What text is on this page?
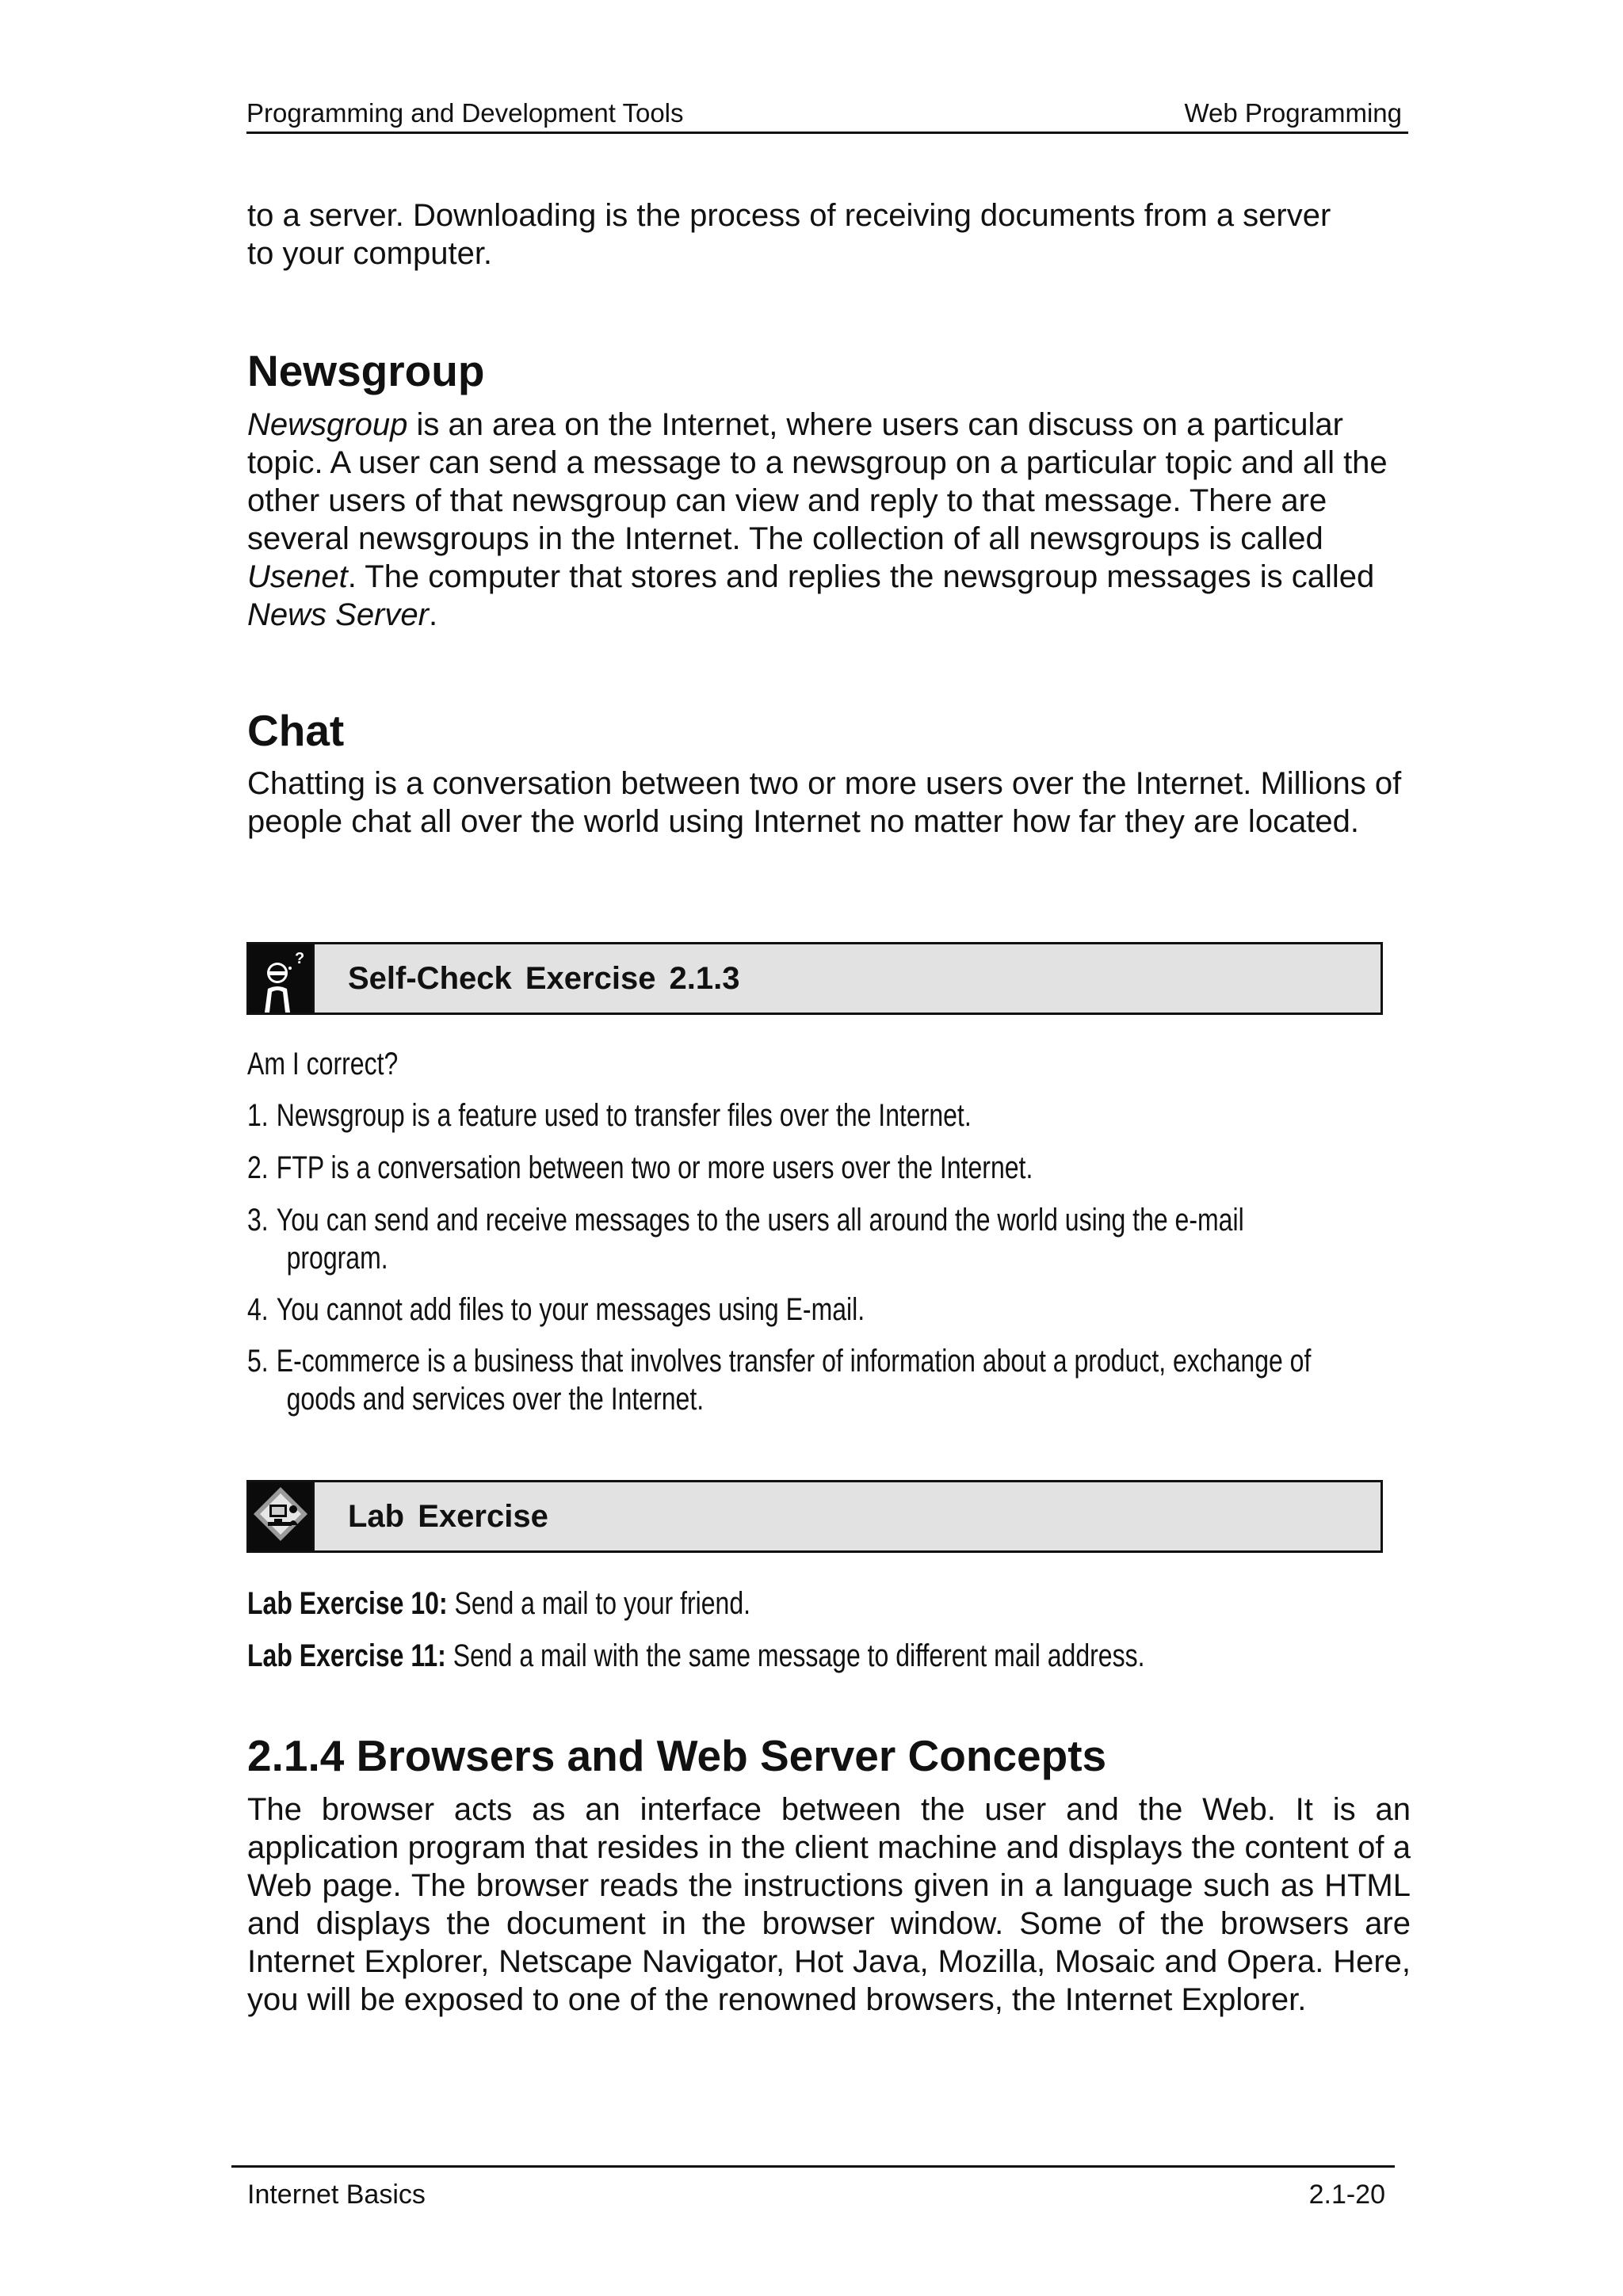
Programming and Development Tools	Web Programming
to a server. Downloading is the process of receiving documents from a server
to your computer.
Newsgroup

Newsgroup is an area on the Internet, where users can discuss on a particular topic. A user can send a message to a newsgroup on a particular topic and all the other users of that newsgroup can view and reply to that message. There are several newsgroups in the Internet. The collection of all newsgroups is called Usenet. The computer that stores and replies the newsgroup messages is called News Server.

Chat

Chatting is a conversation between two or more users over the Internet. Millions of people chat all over the world using Internet no matter how far they are located.

?
Self-Check Exercise 2.1.3
Am I correct?
1. Newsgroup is a feature used to transfer files over the Internet.
2. FTP is a conversation between two or more users over the Internet.
3. You can send and receive messages to the users all around the world using the e-mail
program.
4. You cannot add files to your messages using E-mail.
5. E-commerce is a business that involves transfer of information about a product, exchange of
goods and services over the Internet.
Lab Exercise
Lab Exercise 10: Send a mail to your friend.
Lab Exercise 11: Send a mail with the same message to different mail address.
2.1.4 Browsers and Web Server Concepts

The browser acts as an interface between the user and the Web. It is an application program that resides in the client machine and displays the content of a Web page. The browser reads the instructions given in a language such as HTML and displays the document in the browser window. Some of the browsers are Internet Explorer, Netscape Navigator, Hot Java, Mozilla, Mosaic and Opera. Here, you will be exposed to one of the renowned browsers, the Internet Explorer.

Internet Basics	2.1-20
